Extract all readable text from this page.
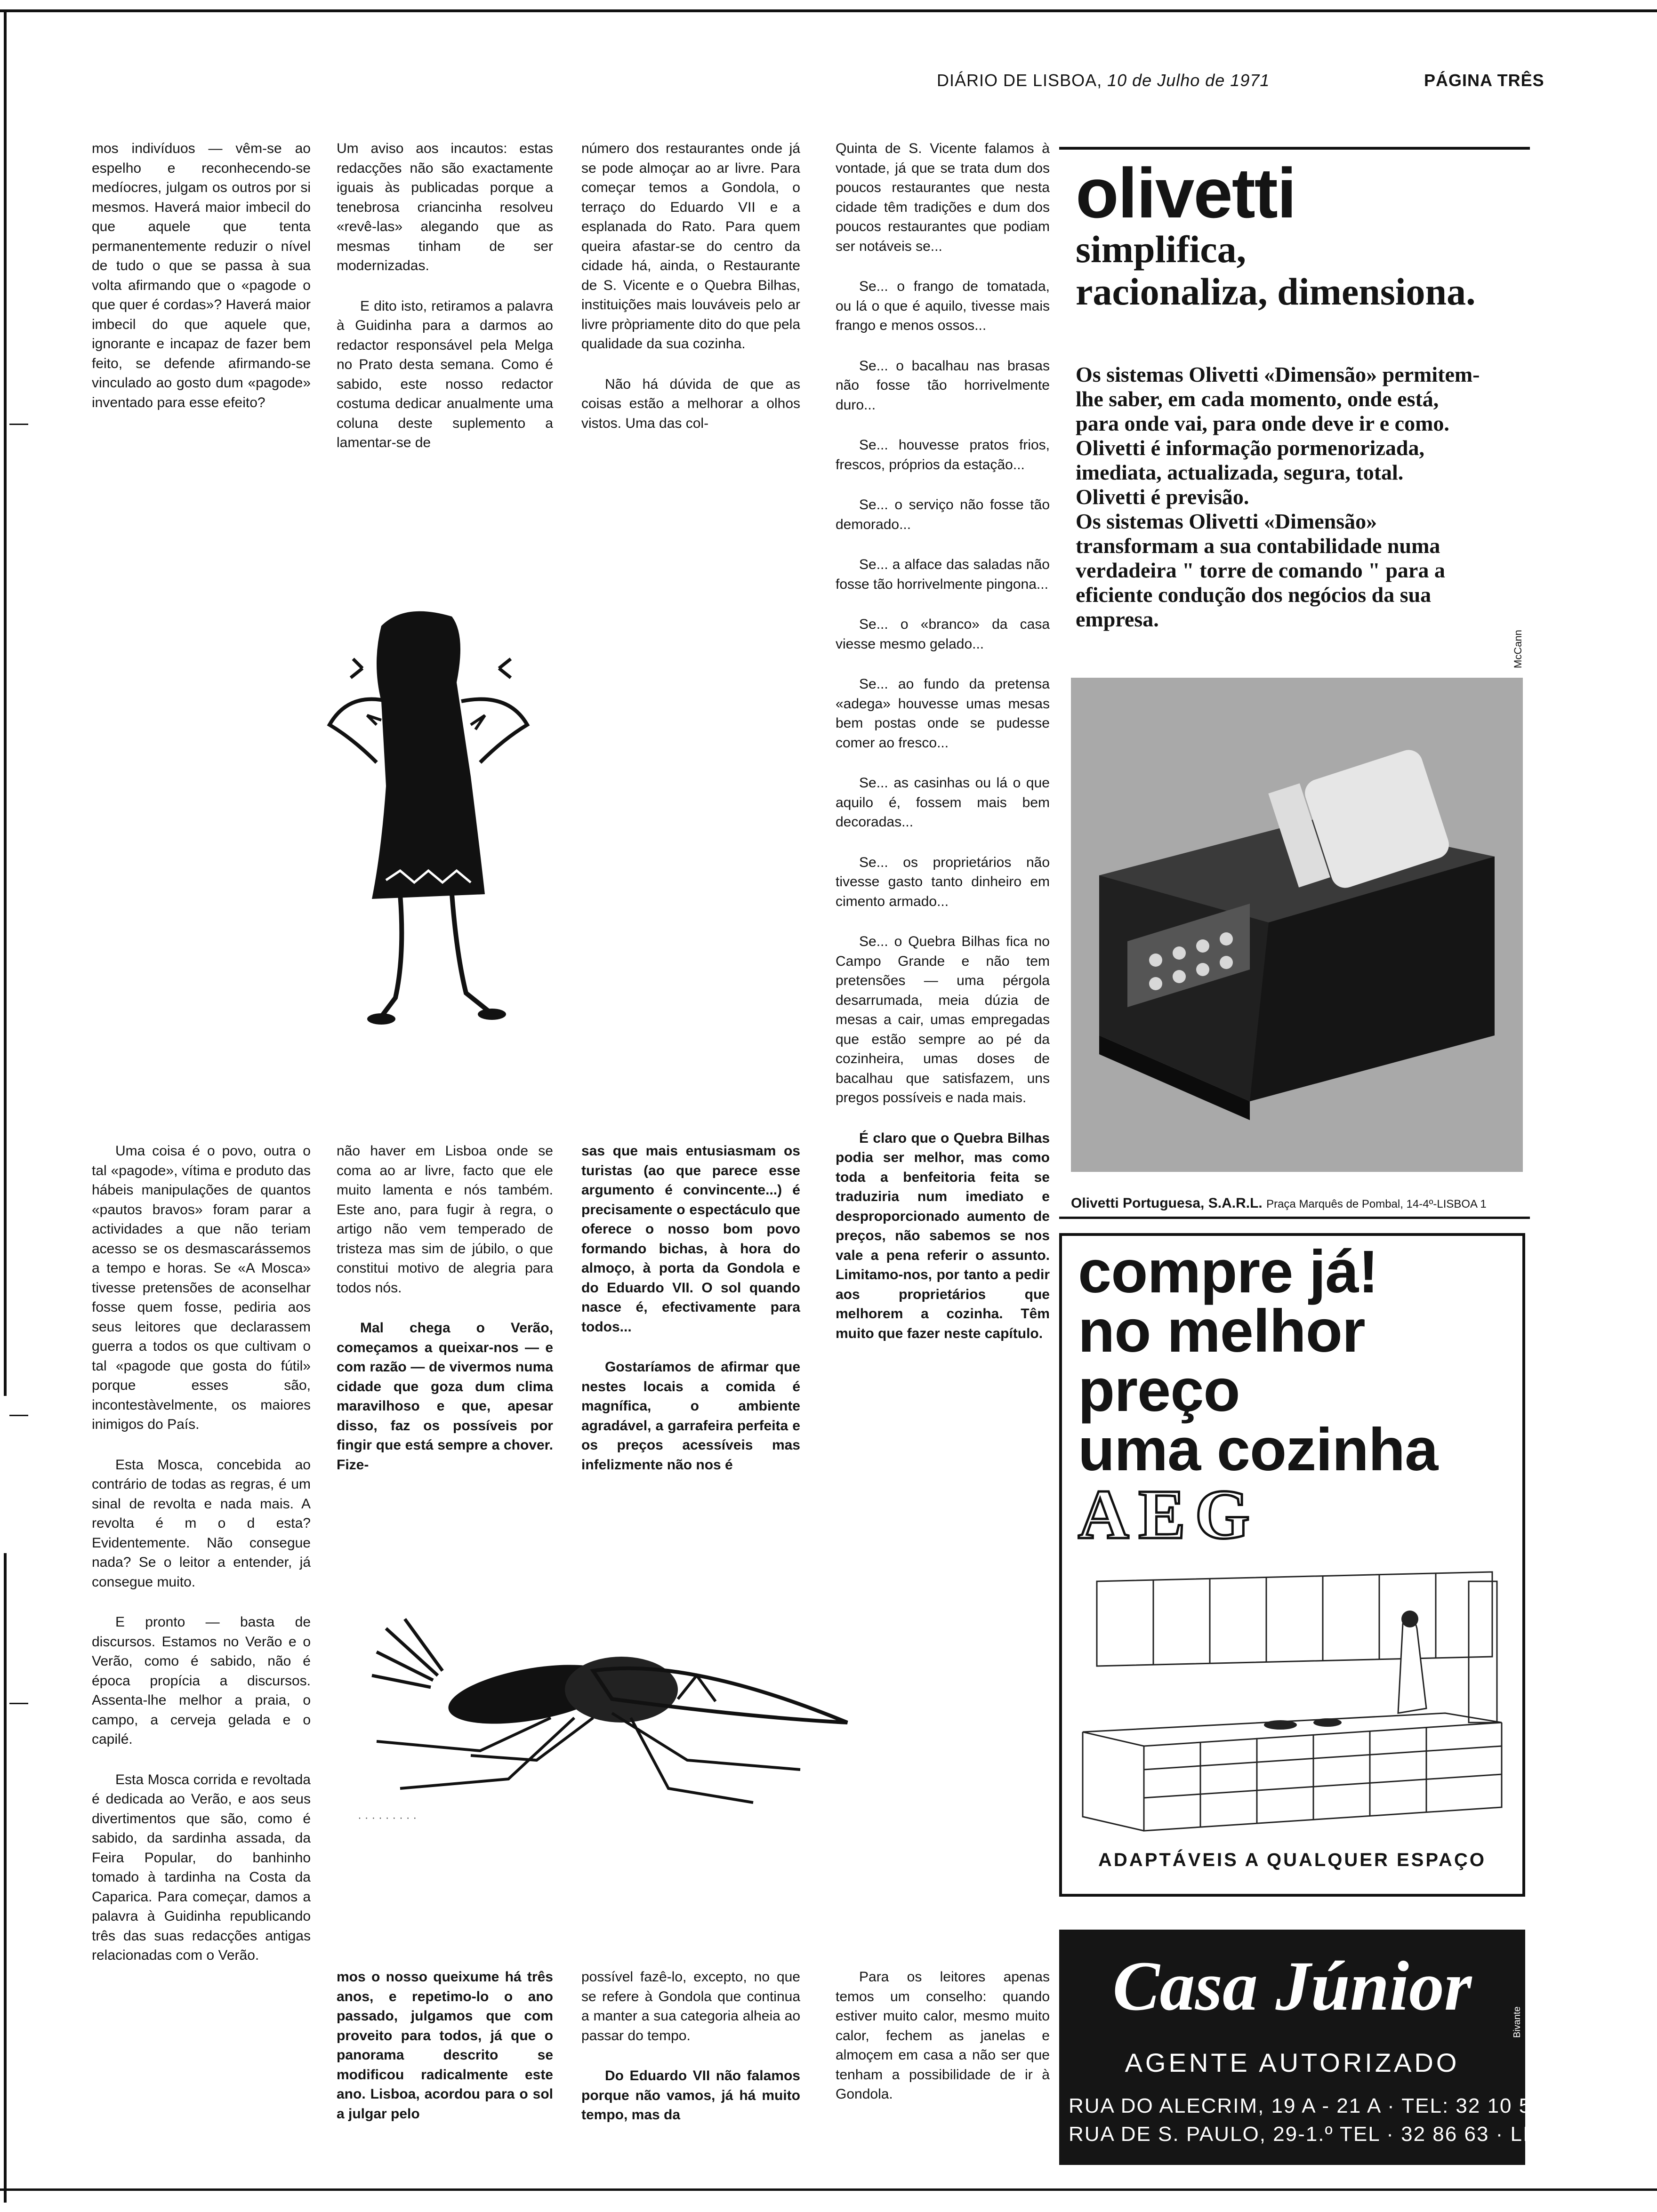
DIÁRIO DE LISBOA, 10 de Julho de 1971	PÁGINA TRÊS

mos indivíduos — vêm-se ao espelho e reconhecendo-se medíocres, julgam os outros por si mesmos. Haverá maior imbecil do que aquele que tenta permanentemente reduzir o nível de tudo o que se passa à sua volta afirmando que o «pagode o que quer é cordas»? Haverá maior imbecil do que aquele que, ignorante e incapaz de fazer bem feito, se defende afirmando-se vinculado ao gosto dum «pagode» inventado para esse efeito?

Um aviso aos incautos: estas redacções não são exactamente iguais às publicadas porque a tenebrosa criancinha resolveu «revê-las» alegando que as mesmas tinham de ser modernizadas.

E dito isto, retiramos a palavra à Guidinha para a darmos ao redactor responsável pela Melga no Prato desta semana. Como é sabido, este nosso redactor costuma dedicar anualmente uma coluna deste suplemento a lamentar-se de

número dos restaurantes onde já se pode almoçar ao ar livre. Para começar temos a Gondola, o terraço do Eduardo VII e a esplanada do Rato. Para quem queira afastar-se do centro da cidade há, ainda, o Restaurante de S. Vicente e o Quebra Bilhas, instituições mais louváveis pelo ar livre pròpriamente dito do que pela qualidade da sua cozinha.

Não há dúvida de que as coisas estão a melhorar a olhos vistos. Uma das col-

Quinta de S. Vicente falamos à vontade, já que se trata dum dos poucos restaurantes que nesta cidade têm tradições e dum dos poucos restaurantes que podiam ser notáveis se...

Se... o frango de tomatada, ou lá o que é aquilo, tivesse mais frango e menos ossos...

Se... o bacalhau nas brasas não fosse tão horrivelmente duro...

Se... houvesse pratos frios, frescos, próprios da estação...

Se... o serviço não fosse tão demorado...

Se... a alface das saladas não fosse tão horrivelmente pingona...

Se... o «branco» da casa viesse mesmo gelado...

Se... ao fundo da pretensa «adega» houvesse umas mesas bem postas onde se pudesse comer ao fresco...

Se... as casinhas ou lá o que aquilo é, fossem mais bem decoradas...

Se... os proprietários não tivesse gasto tanto dinheiro em cimento armado...

Se... o Quebra Bilhas fica no Campo Grande e não tem pretensões — uma pérgola desarrumada, meia dúzia de mesas a cair, umas empregadas que estão sempre ao pé da cozinheira, umas doses de bacalhau que satisfazem, uns pregos possíveis e nada mais.

É claro que o Quebra Bilhas podia ser melhor, mas como toda a benfeitoria feita se traduziria num imediato e desproporcionado aumento de preços, não sabemos se nos vale a pena referir o assunto. Limitamo-nos, por tanto a pedir aos proprietários que melhorem a cozinha. Têm muito que fazer neste capítulo.

Uma coisa é o povo, outra o tal «pagode», vítima e produto das hábeis manipulações de quantos «pautos bravos» foram parar a actividades a que não teriam acesso se os desmascarássemos a tempo e horas. Se «A Mosca» tivesse pretensões de aconselhar fosse quem fosse, pediria aos seus leitores que declarassem guerra a todos os que cultivam o tal «pagode que gosta do fútil» porque esses são, incontestàvelmente, os maiores inimigos do País.

Esta Mosca, concebida ao contrário de todas as regras, é um sinal de revolta e nada mais. A revolta é m o d esta? Evidentemente. Não consegue nada? Se o leitor a entender, já consegue muito.

E pronto — basta de discursos. Estamos no Verão e o Verão, como é sabido, não é época propícia a discursos. Assenta-lhe melhor a praia, o campo, a cerveja gelada e o capilé.

Esta Mosca corrida e revoltada é dedicada ao Verão, e aos seus divertimentos que são, como é sabido, da sardinha assada, da Feira Popular, do banhinho tomado à tardinha na Costa da Caparica. Para começar, damos a palavra à Guidinha republicando três das suas redacções antigas relacionadas com o Verão.

não haver em Lisboa onde se coma ao ar livre, facto que ele muito lamenta e nós também. Este ano, para fugir à regra, o artigo não vem temperado de tristeza mas sim de júbilo, o que constitui motivo de alegria para todos nós.

Mal chega o Verão, começamos a queixar-nos — e com razão — de vivermos numa cidade que goza dum clima maravilhoso e que, apesar disso, faz os possíveis por fingir que está sempre a chover. Fize-

sas que mais entusiasmam os turistas (ao que parece esse argumento é convincente...) é precisamente o espectáculo que oferece o nosso bom povo formando bichas, à hora do almoço, à porta da Gondola e do Eduardo VII. O sol quando nasce é, efectivamente para todos...

Gostaríamos de afirmar que nestes locais a comida é magnífica, o ambiente agradável, a garrafeira perfeita e os preços acessíveis mas infelizmente não nos é

mos o nosso queixume há três anos, e repetimo-lo o ano passado, julgamos que com proveito para todos, já que o panorama descrito se modificou radicalmente este ano. Lisboa, acordou para o sol a julgar pelo

possível fazê-lo, excepto, no que se refere à Gondola que continua a manter a sua categoria alheia ao passar do tempo.

Do Eduardo VII não falamos porque não vamos, já há muito tempo, mas da

Para os leitores apenas temos um conselho: quando estiver muito calor, mesmo muito calor, fechem as janelas e almoçem em casa a não ser que tenham a possibilidade de ir à Gondola.

· · · · · · · · ·
olivetti
simplifica,
racionaliza, dimensiona.

Os sistemas Olivetti «Dimensão» permitem-lhe saber, em cada momento, onde está, para onde vai, para onde deve ir e como. Olivetti é informação pormenorizada, imediata, actualizada, segura, total.

Olivetti é previsão.

Os sistemas Olivetti «Dimensão» transformam a sua contabilidade numa verdadeira " torre de comando " para a eficiente condução dos negócios da sua empresa.

McCann
Olivetti Portuguesa, S.A.R.L. Praça Marquês de Pombal, 14-4º-LISBOA 1
compre já!
no melhor
preço
uma cozinha
AEG
ADAPTÁVEIS A QUALQUER ESPAÇO
Casa Júnior
AGENTE AUTORIZADO
RUA DO ALECRIM, 19 A - 21 A · TEL: 32 10 53
RUA DE S. PAULO, 29-1.º TEL · 32 86 63 · LISBOA
Bivante
